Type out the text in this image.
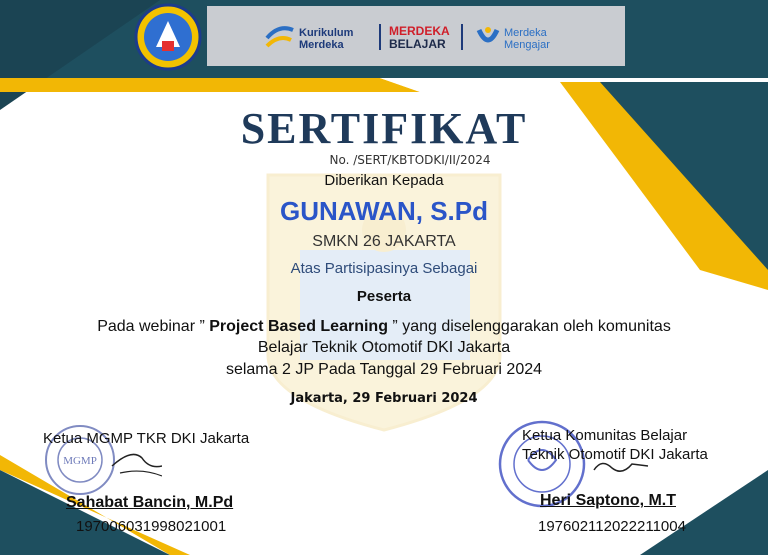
Kurikulum
Merdeka
MERDEKA
BELAJAR
Merdeka
Mengajar
SERTIFIKAT
No. /SERT/KBTODKI/II/2024
Diberikan Kepada
GUNAWAN, S.Pd
SMKN 26 JAKARTA
Atas Partisipasinya Sebagai
Peserta
Pada webinar ” Project Based Learning ” yang diselenggarakan oleh komunitas
Belajar Teknik Otomotif DKI Jakarta
selama 2 JP Pada Tanggal 29 Februari 2024
Jakarta, 29 Februari 2024
MGMP
Ketua MGMP TKR DKI Jakarta
Sahabat Bancin, M.Pd
197006031998021001
Ketua Komunitas Belajar
Teknik Otomotif DKI Jakarta
Heri Saptono, M.T
197602112022211004
